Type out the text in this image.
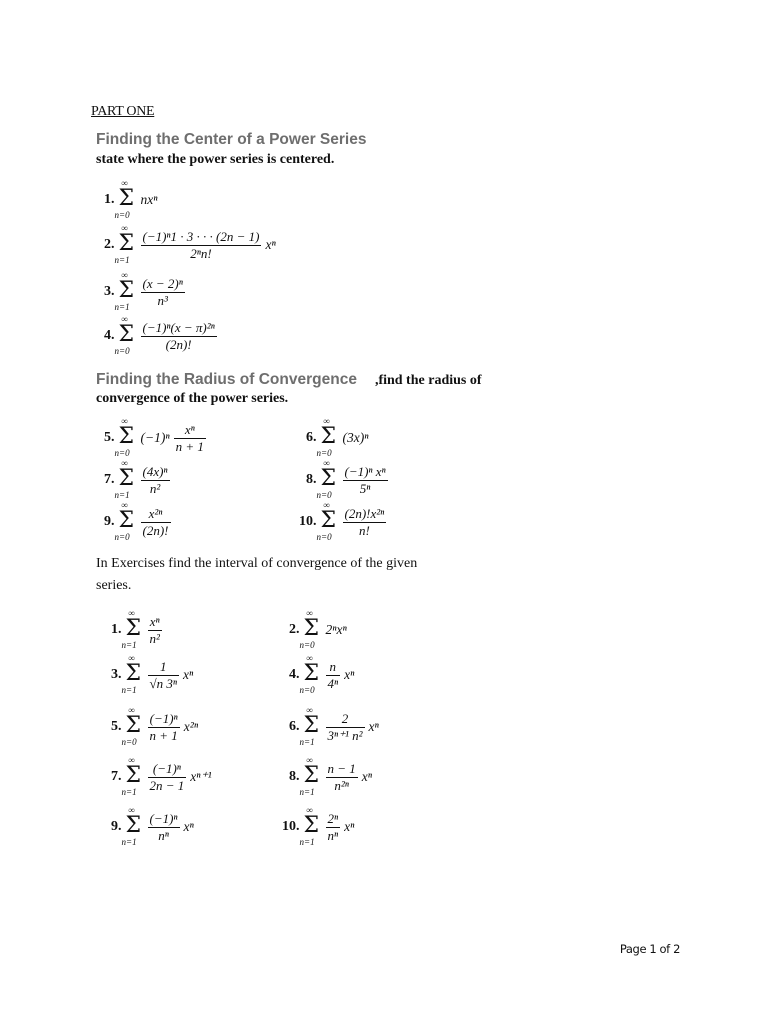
PART ONE
Finding the Center of a Power Series
state where the power series is centered.
1.
∞
Σ
n=0
nxⁿ
2.
∞
Σ
$n=1 \frac{\text{(−1)ⁿ1 · 3 · · · (2n − 1)}}{\text{2ⁿn!}}$ xⁿ
3.
∞
Σ
$n=1 \frac{\text{(x − 2)ⁿ}}{\text{n³}}$
4.
∞
Σ
$n=0 \frac{\text{(−1)ⁿ(x − π)²ⁿ}}{(2n)!}$
Finding the Radius of Convergence ,find the radius of
convergence of the power series.
5.
∞
Σ
n=0
$(-1)^n \frac{\text{xⁿ}}{n + 1}$	6.
∞
Σ
n=0
(3x)ⁿ
7.
∞
Σ
$n=1 \frac{\text{(4x)ⁿ}}{\text{n²}}$	8.
∞
Σ
$n=0 \frac{\text{(−1)ⁿ xⁿ}}{\text{5ⁿ}}$
9.
∞
Σ
$n=0 \frac{\text{x²ⁿ}}{(2n)!}$	10.
∞
Σ
$n=0 \frac{\text{(2n)!x²ⁿ}}{n!}$
In Exercises find the interval of convergence of the given
series.
1.
∞
Σ
$n=1 \frac{\text{xⁿ}}{\text{n²}}$	2.
∞
Σ
n=0
2ⁿxⁿ
3.
∞
Σ
$n=1 \frac{1}{\text{√n 3ⁿ}}$ xⁿ	4.
∞
Σ
$n=0 \frac{n}{\text{4ⁿ}}$ xⁿ
5.
∞
Σ
$n=0 \frac{\text{(−1)ⁿ}}{n + 1} x^{2n}$	6.
∞
Σ
$n=1 \frac{2}{\text{3ⁿ⁺¹ n²}}$ xⁿ
7.
∞
Σ
$n=1 \frac{\text{(−1)ⁿ}}{2n - 1} x^{n+1}$	8.
∞
Σ
$n=1 \frac{n - 1}{\text{n²ⁿ}}$ xⁿ
9.
∞
Σ
$n=1 \frac{\text{(−1)ⁿ}}{\text{nⁿ}}$ xⁿ	10.
∞
Σ
$n=1 \frac{\text{2ⁿ}}{\text{nⁿ}}$ xⁿ
Page 1 of 2
